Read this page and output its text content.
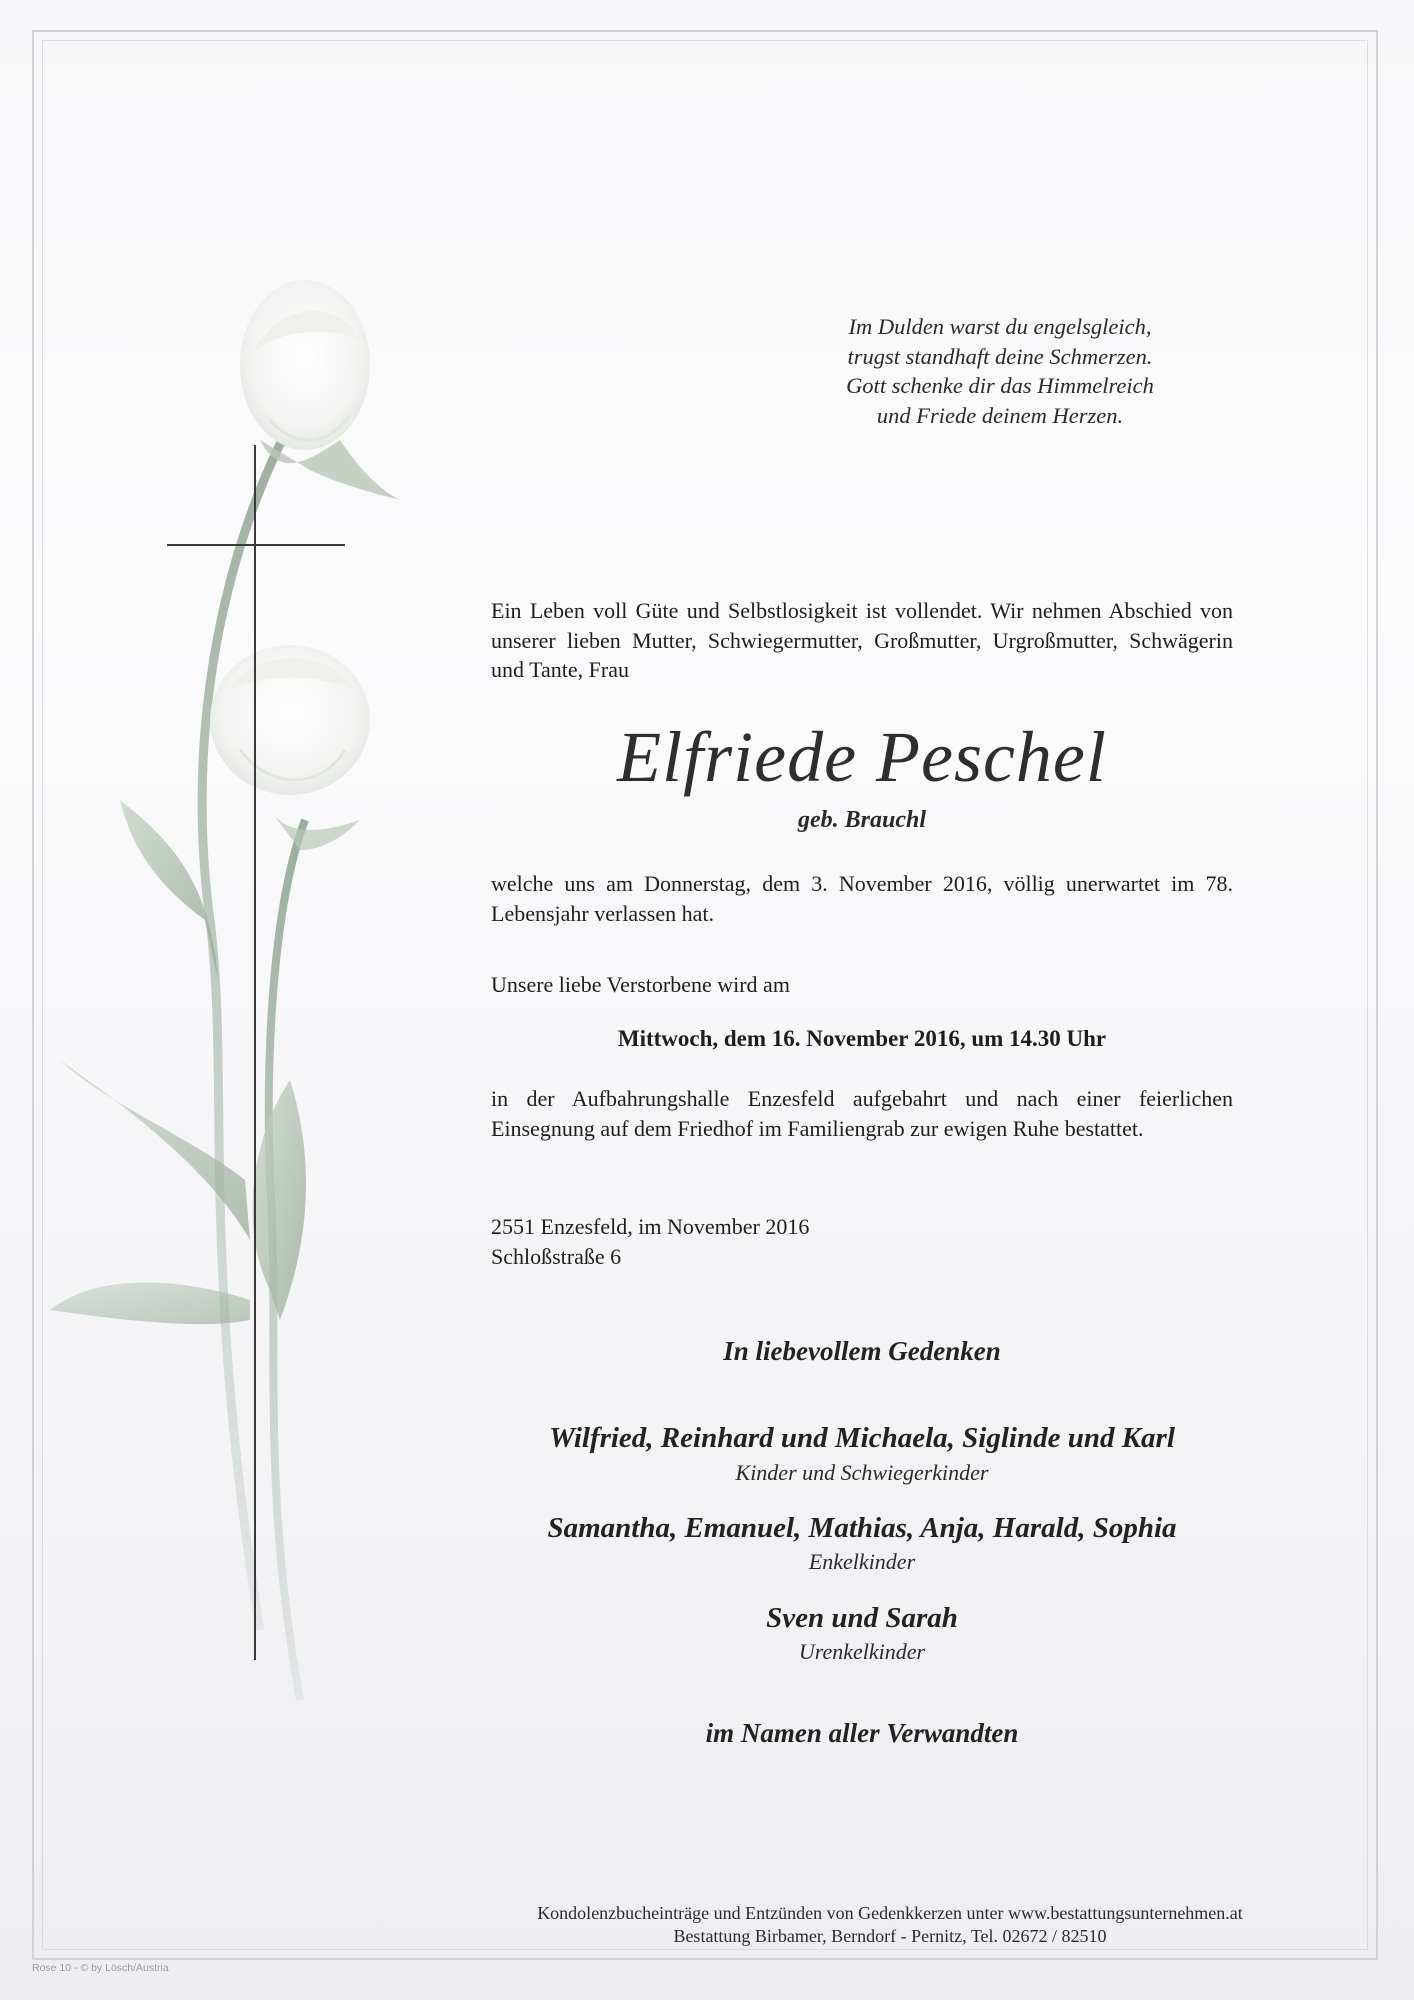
Im Dulden warst du engelsgleich,
trugst standhaft deine Schmerzen.
Gott schenke dir das Himmelreich
und Friede deinem Herzen.
Ein Leben voll Güte und Selbstlosigkeit ist vollendet. Wir nehmen Abschied von unserer lieben Mutter, Schwiegermutter, Großmutter, Urgroßmutter, Schwägerin und Tante, Frau
Elfriede Peschel
geb. Brauchl
welche uns am Donnerstag, dem 3. November 2016, völlig unerwartet im 78. Lebensjahr verlassen hat.
Unsere liebe Verstorbene wird am
Mittwoch, dem 16. November 2016, um 14.30 Uhr
in der Aufbahrungshalle Enzesfeld aufgebahrt und nach einer feierlichen Einsegnung auf dem Friedhof im Familiengrab zur ewigen Ruhe bestattet.
2551 Enzesfeld, im November 2016
Schloßstraße 6
In liebevollem Gedenken
Wilfried, Reinhard und Michaela, Siglinde und Karl
Kinder und Schwiegerkinder
Samantha, Emanuel, Mathias, Anja, Harald, Sophia
Enkelkinder
Sven und Sarah
Urenkelkinder
im Namen aller Verwandten
Kondolenzbucheinträge und Entzünden von Gedenkkerzen unter www.bestattungsunternehmen.at
Bestattung Birbamer, Berndorf - Pernitz, Tel. 02672 / 82510
Rose 10 - © by Lösch/Austria
